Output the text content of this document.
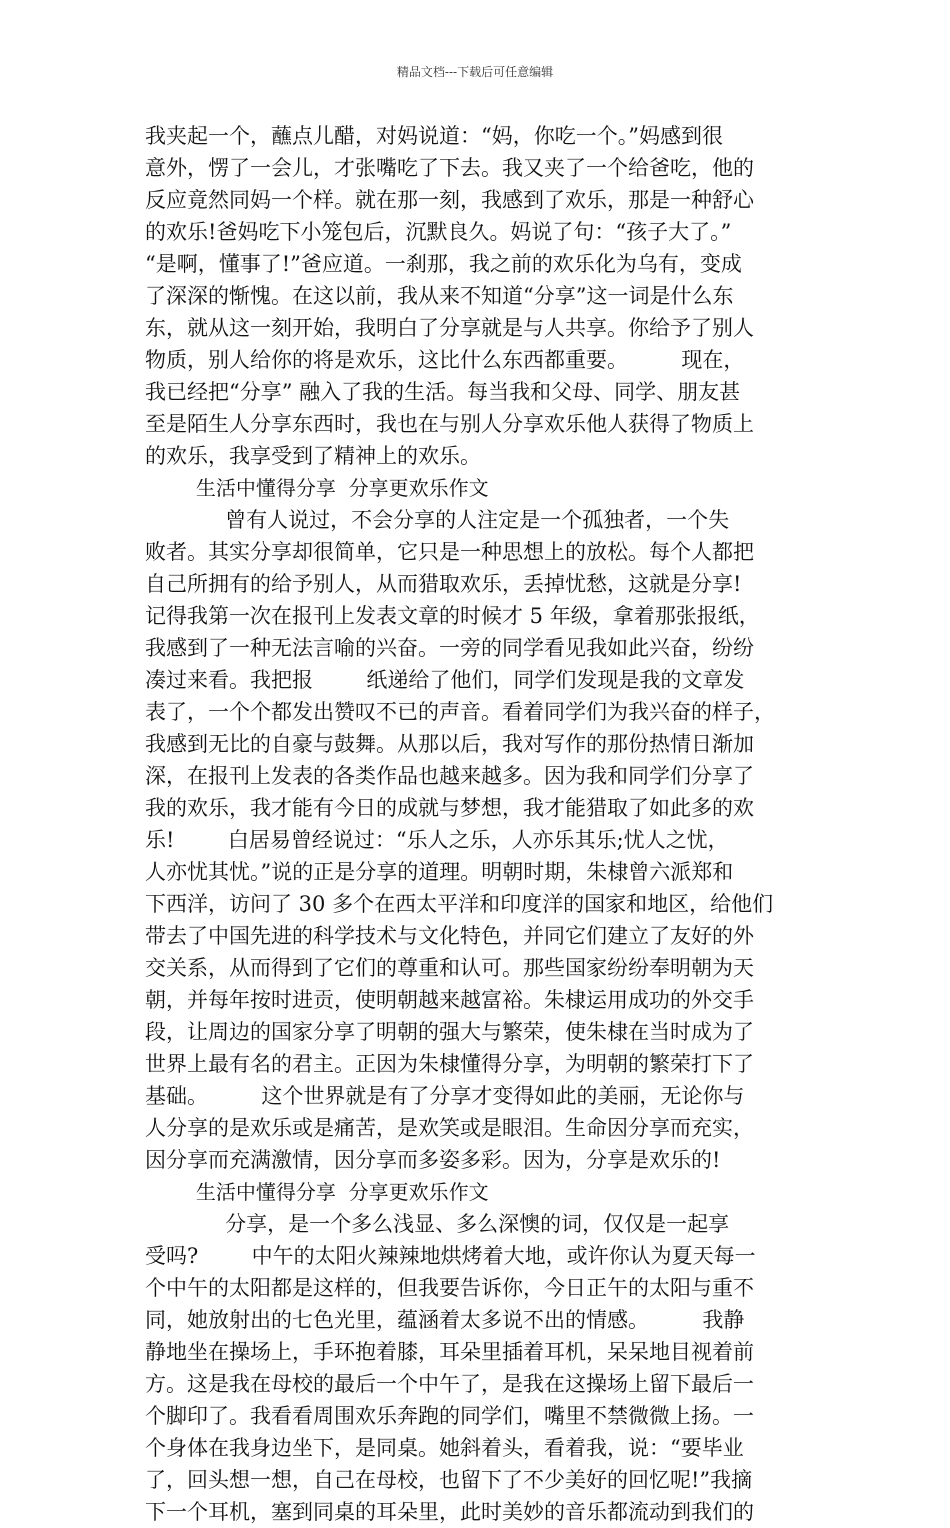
精品文档---下载后可任意编辑
我夹起一个，蘸点儿醋，对妈说道：“妈，你吃一个。”妈感到很
意外，愣了一会儿，才张嘴吃了下去。我又夹了一个给爸吃，他的
反应竟然同妈一个样。就在那一刻，我感到了欢乐，那是一种舒心
的欢乐!爸妈吃下小笼包后，沉默良久。妈说了句：“孩子大了。”
“是啊，懂事了!”爸应道。一刹那，我之前的欢乐化为乌有，变成
了深深的惭愧。在这以前，我从来不知道“分享”这一词是什么东
东，就从这一刻开始，我明白了分享就是与人共享。你给予了别人
物质，别人给你的将是欢乐，这比什么东西都重要。        现在，
我已经把“分享” 融入了我的生活。每当我和父母、同学、朋友甚
至是陌生人分享东西时，我也在与别人分享欢乐他人获得了物质上
的欢乐，我享受到了精神上的欢乐。
生活中懂得分享  分享更欢乐作文
曾有人说过，不会分享的人注定是一个孤独者，一个失
败者。其实分享却很简单，它只是一种思想上的放松。每个人都把
自己所拥有的给予别人，从而猎取欢乐，丢掉忧愁，这就是分享!
记得我第一次在报刊上发表文章的时候才 5 年级，拿着那张报纸，
我感到了一种无法言喻的兴奋。一旁的同学看见我如此兴奋，纷纷
凑过来看。我把报        纸递给了他们，同学们发现是我的文章发
表了，一个个都发出赞叹不已的声音。看着同学们为我兴奋的样子，
我感到无比的自豪与鼓舞。从那以后，我对写作的那份热情日渐加
深，在报刊上发表的各类作品也越来越多。因为我和同学们分享了
我的欢乐，我才能有今日的成就与梦想，我才能猎取了如此多的欢
乐!        白居易曾经说过：“乐人之乐，人亦乐其乐;忧人之忧，
人亦忧其忧。”说的正是分享的道理。明朝时期，朱棣曾六派郑和
下西洋，访问了 30 多个在西太平洋和印度洋的国家和地区，给他们
带去了中国先进的科学技术与文化特色，并同它们建立了友好的外
交关系，从而得到了它们的尊重和认可。那些国家纷纷奉明朝为天
朝，并每年按时进贡，使明朝越来越富裕。朱棣运用成功的外交手
段，让周边的国家分享了明朝的强大与繁荣，使朱棣在当时成为了
世界上最有名的君主。正因为朱棣懂得分享，为明朝的繁荣打下了
基础。        这个世界就是有了分享才变得如此的美丽，无论你与
人分享的是欢乐或是痛苦，是欢笑或是眼泪。生命因分享而充实，
因分享而充满激情，因分享而多姿多彩。因为，分享是欢乐的!
生活中懂得分享  分享更欢乐作文
分享，是一个多么浅显、多么深懊的词，仅仅是一起享
受吗?        中午的太阳火辣辣地烘烤着大地，或许你认为夏天每一
个中午的太阳都是这样的，但我要告诉你，今日正午的太阳与重不
同，她放射出的七色光里，蕴涵着太多说不出的情感。        我静
静地坐在操场上，手环抱着膝，耳朵里插着耳机，呆呆地目视着前
方。这是我在母校的最后一个中午了，是我在这操场上留下最后一
个脚印了。我看看周围欢乐奔跑的同学们，嘴里不禁微微上扬。一
个身体在我身边坐下，是同桌。她斜着头，看着我，说：“要毕业
了，回头想一想，自己在母校，也留下了不少美好的回忆呢!”我摘
下一个耳机，塞到同桌的耳朵里，此时美妙的音乐都流动到我们的
